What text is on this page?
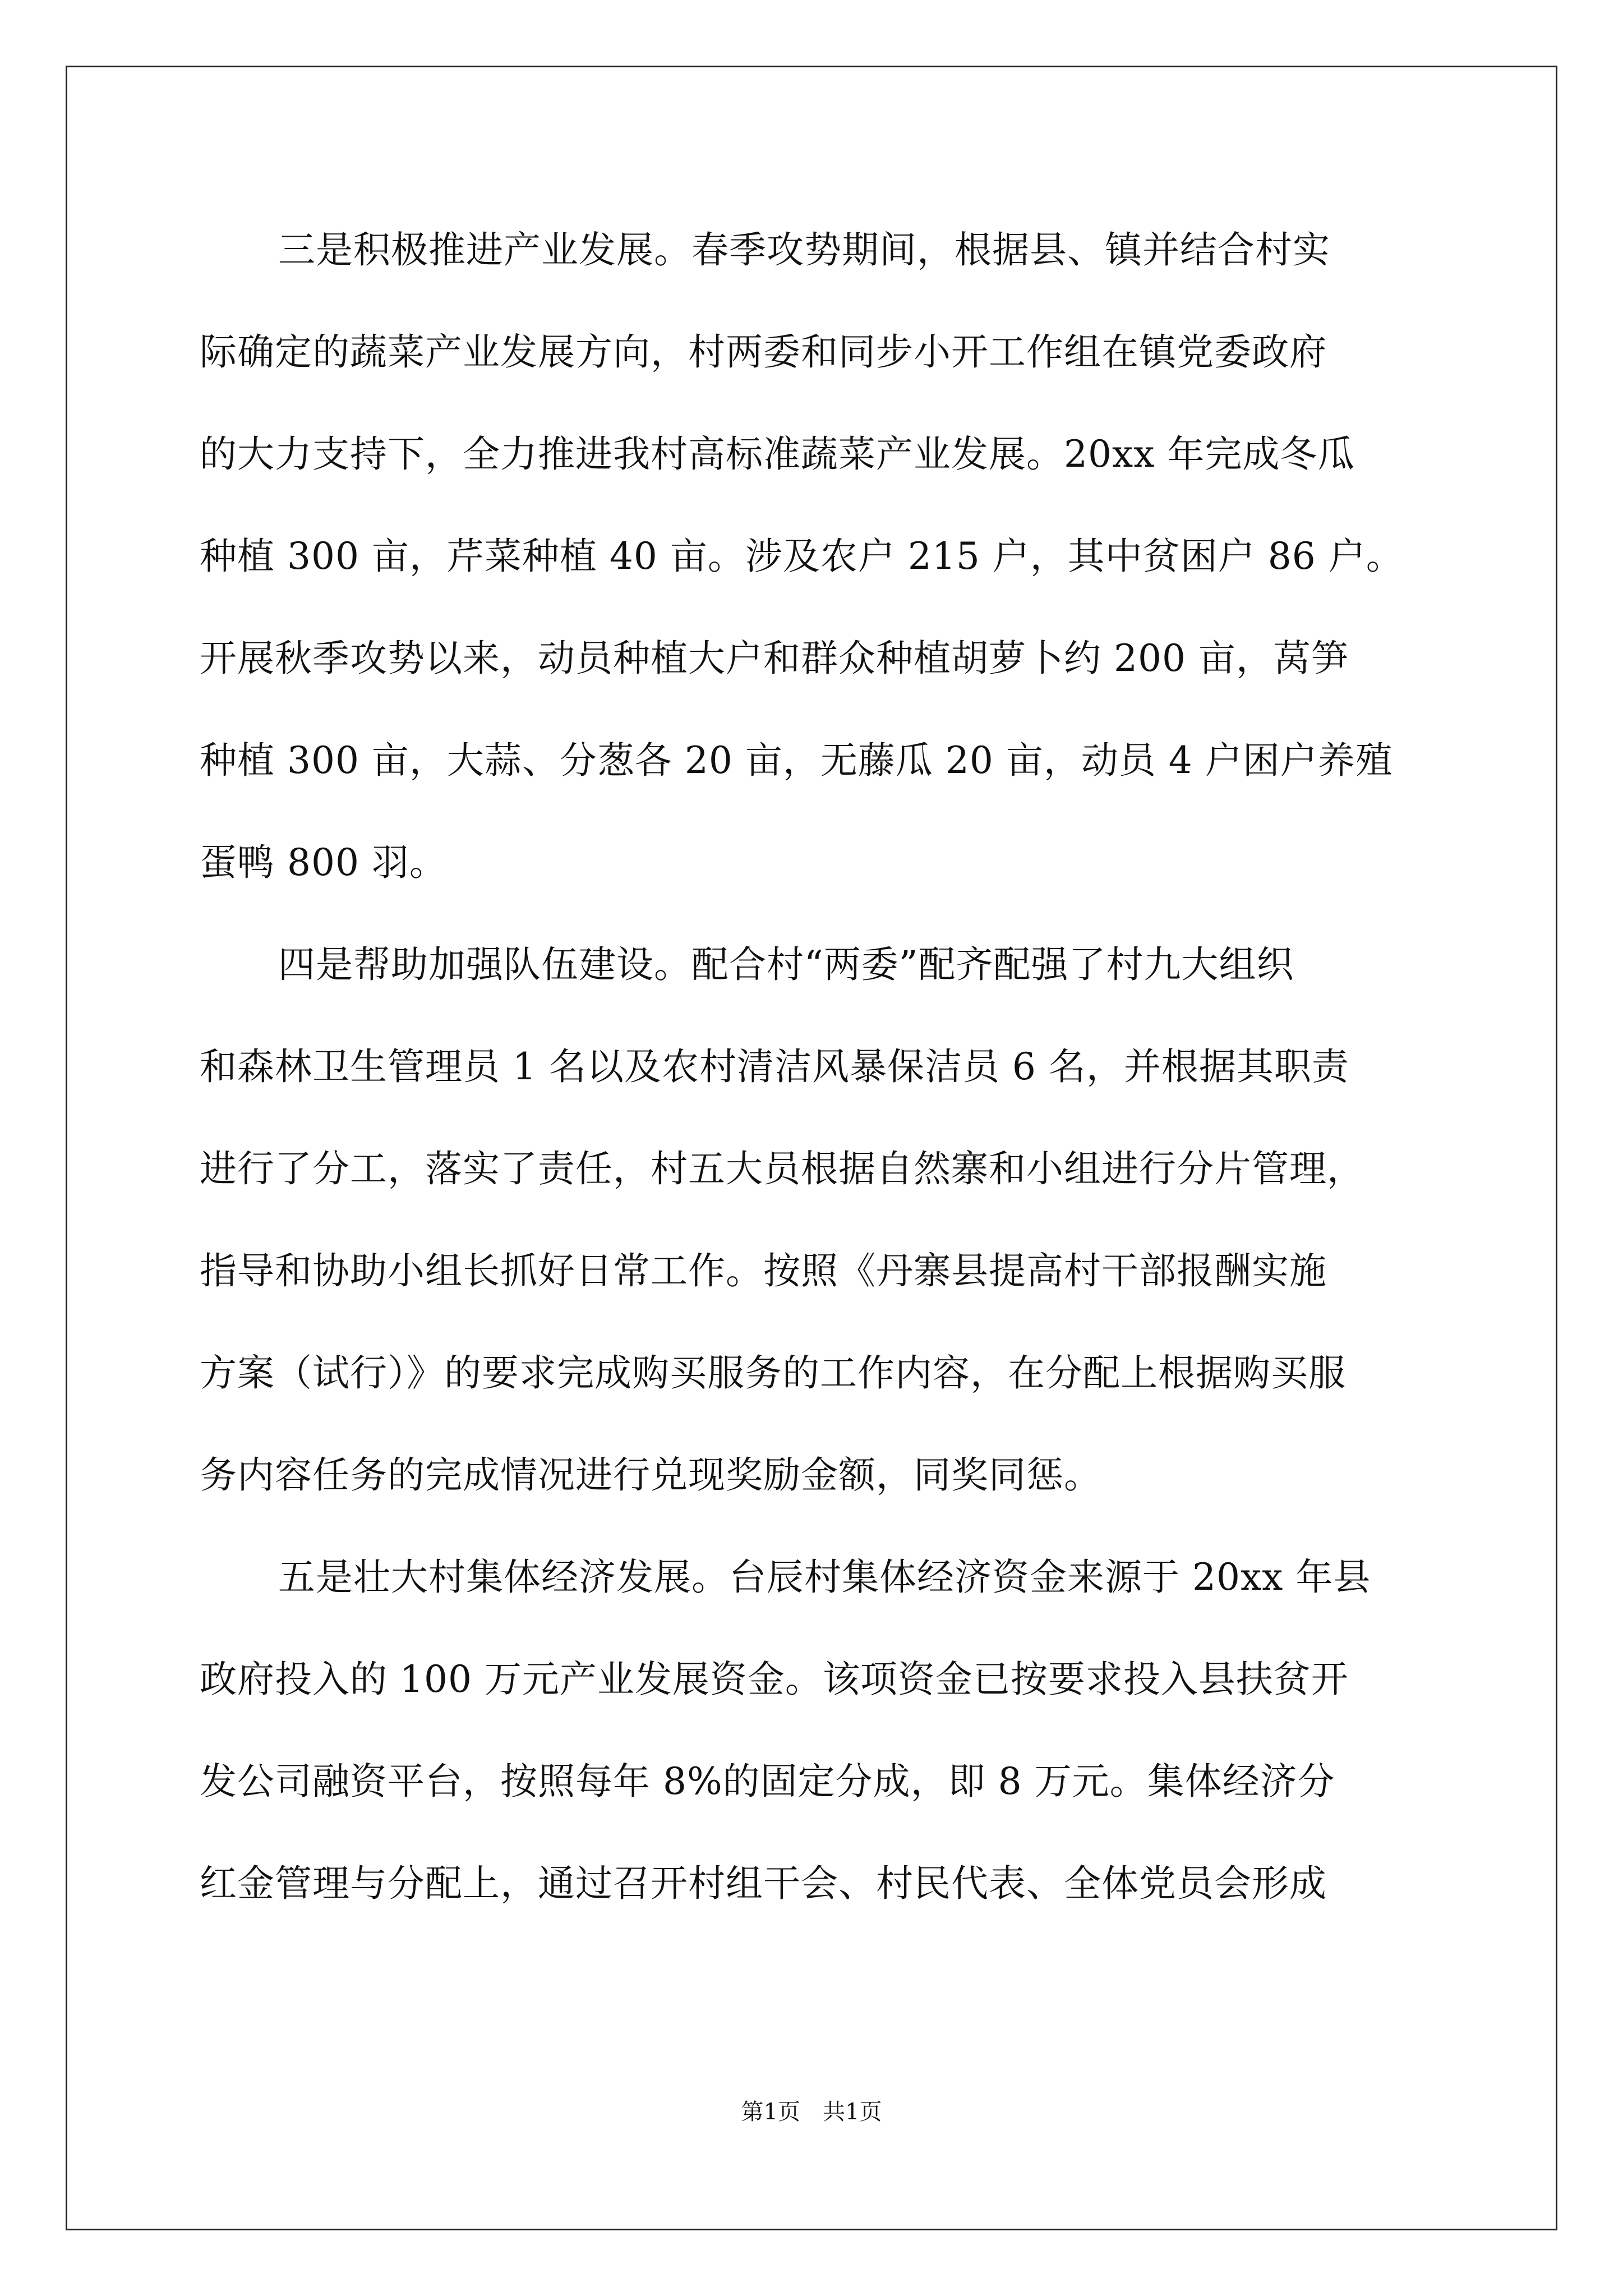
三是积极推进产业发展。春季攻势期间，根据县、镇并结合村实
际确定的蔬菜产业发展方向，村两委和同步小开工作组在镇党委政府
的大力支持下，全力推进我村高标准蔬菜产业发展。20xx 年完成冬瓜
种植 300 亩，芹菜种植 40 亩。涉及农户 215 户，其中贫困户 86 户。
开展秋季攻势以来，动员种植大户和群众种植胡萝卜约 200 亩，莴笋
种植 300 亩，大蒜、分葱各 20 亩，无藤瓜 20 亩，动员 4 户困户养殖
蛋鸭 800 羽。
四是帮助加强队伍建设。配合村“两委”配齐配强了村九大组织
和森林卫生管理员 1 名以及农村清洁风暴保洁员 6 名，并根据其职责
进行了分工，落实了责任，村五大员根据自然寨和小组进行分片管理，
指导和协助小组长抓好日常工作。按照《丹寨县提高村干部报酬实施
方案（试行）》的要求完成购买服务的工作内容，在分配上根据购买服
务内容任务的完成情况进行兑现奖励金额，同奖同惩。
五是壮大村集体经济发展。台辰村集体经济资金来源于 20xx 年县
政府投入的 100 万元产业发展资金。该项资金已按要求投入县扶贫开
发公司融资平台，按照每年 8%的固定分成，即 8 万元。集体经济分
红金管理与分配上，通过召开村组干会、村民代表、全体党员会形成
第1页 共1页
